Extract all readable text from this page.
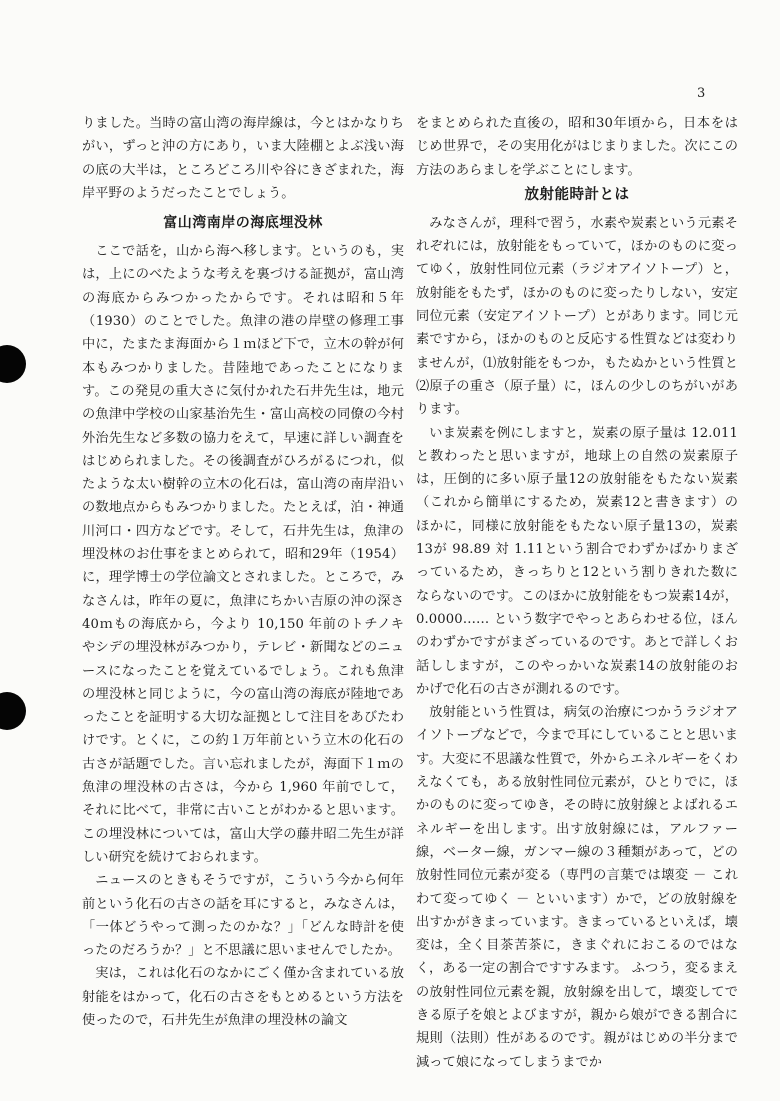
3

りました。当時の富山湾の海岸線は，今とはかなりちがい，ずっと沖の方にあり，いま大陸棚とよぶ浅い海の底の大半は，ところどころ川や谷にきざまれた，海岸平野のようだったことでしょう。

富山湾南岸の海底埋没林

ここで話を，山から海へ移します。というのも，実は，上にのべたような考えを裏づける証拠が，富山湾の海底からみつかったからです。それは昭和５年（1930）のことでした。魚津の港の岸壁の修理工事中に，たまたま海面から１ｍほど下で，立木の幹が何本もみつかりました。昔陸地であったことになります。この発見の重大さに気付かれた石井先生は，地元の魚津中学校の山家基治先生・富山高校の同僚の今村外治先生など多数の協力をえて，早速に詳しい調査をはじめられました。その後調査がひろがるにつれ，似たような太い樹幹の立木の化石は，富山湾の南岸沿いの数地点からもみつかりました。たとえば，泊・神通川河口・四方などです。そして，石井先生は，魚津の埋没林のお仕事をまとめられて，昭和29年（1954）に，理学博士の学位論文とされました。ところで，みなさんは，昨年の夏に，魚津にちかい吉原の沖の深さ40ｍもの海底から，今より 10,150 年前のトチノキやシデの埋没林がみつかり，テレビ・新聞などのニュースになったことを覚えているでしょう。これも魚津の埋没林と同じように，今の富山湾の海底が陸地であったことを証明する大切な証拠として注目をあびたわけです。とくに，この約１万年前という立木の化石の古さが話題でした。言い忘れましたが，海面下１ｍの魚津の埋没林の古さは，今から 1,960 年前でして，それに比べて，非常に古いことがわかると思います。この埋没林については，富山大学の藤井昭二先生が詳しい研究を続けておられます。

ニュースのときもそうですが，こういう今から何年前という化石の古さの話を耳にすると，みなさんは，「一体どうやって測ったのかな？」「どんな時計を使ったのだろうか？」と不思議に思いませんでしたか。

実は，これは化石のなかにごく僅か含まれている放射能をはかって，化石の古さをもとめるという方法を使ったので，石井先生が魚津の埋没林の論文

をまとめられた直後の，昭和30年頃から，日本をはじめ世界で，その実用化がはじまりました。次にこの方法のあらましを学ぶことにします。

放射能時計とは

みなさんが，理科で習う，水素や炭素という元素それぞれには，放射能をもっていて，ほかのものに変ってゆく，放射性同位元素（ラジオアイソトープ）と，放射能をもたず，ほかのものに変ったりしない，安定同位元素（安定アイソトープ）とがあります。同じ元素ですから，ほかのものと反応する性質などは変わりませんが，⑴放射能をもつか，もたぬかという性質と⑵原子の重さ（原子量）に，ほんの少しのちがいがあります。

いま炭素を例にしますと，炭素の原子量は 12.011 と教わったと思いますが，地球上の自然の炭素原子は，圧倒的に多い原子量12の放射能をもたない炭素（これから簡単にするため，炭素12と書きます）のほかに，同様に放射能をもたない原子量13の，炭素13が 98.89 対 1.11という割合でわずかばかりまざっているため，きっちりと12という割りきれた数にならないのです。このほかに放射能をもつ炭素14が，0.0000…… という数字でやっとあらわせる位，ほんのわずかですがまざっているのです。あとで詳しくお話ししますが，このやっかいな炭素14の放射能のおかげで化石の古さが測れるのです。

放射能という性質は，病気の治療につかうラジオアイソトープなどで，今まで耳にしていることと思います。大変に不思議な性質で，外からエネルギーをくわえなくても，ある放射性同位元素が，ひとりでに，ほかのものに変ってゆき，その時に放射線とよばれるエネルギーを出します。出す放射線には，アルファー線，ベーター線，ガンマー線の３種類があって，どの放射性同位元素が変る（専門の言葉では壊変 － これわて変ってゆく － といいます）かで，どの放射線を出すかがきまっています。きまっているといえば，壊変は，全く目茶苦茶に，きまぐれにおこるのではなく，ある一定の割合ですすみます。 ふつう，変るまえの放射性同位元素を親，放射線を出して，壊変してできる原子を娘とよびますが，親から娘ができる割合に規則（法則）性があるのです。親がはじめの半分まで減って娘になってしまうまでか
